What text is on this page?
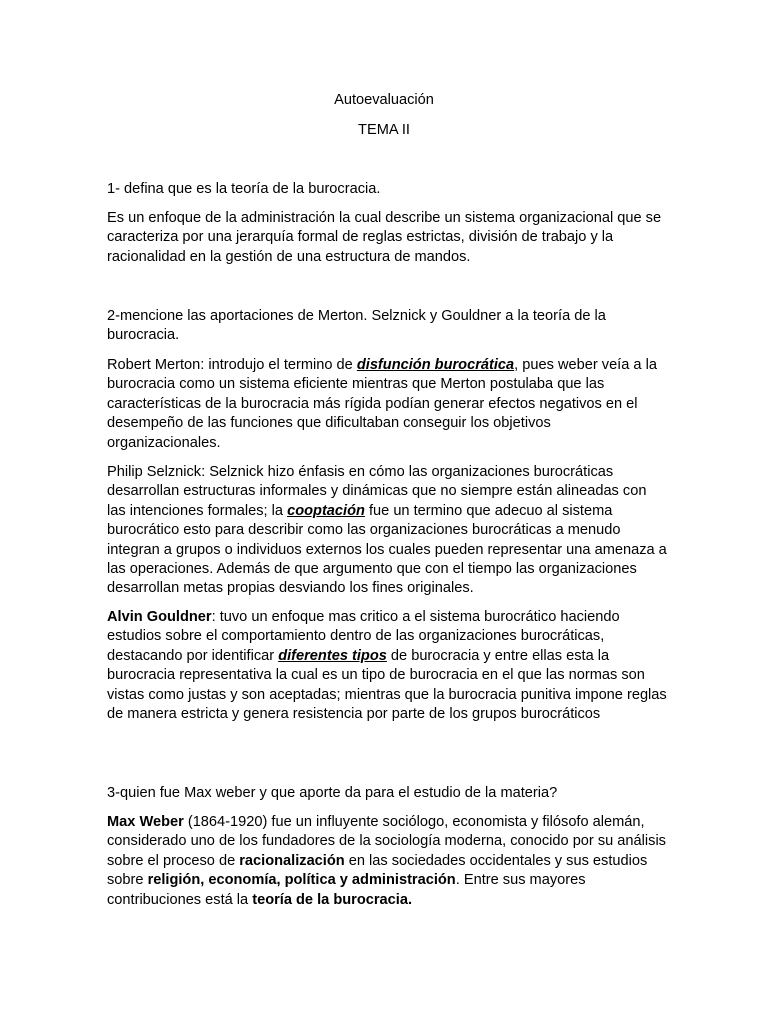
Autoevaluación

TEMA II

1- defina que es la teoría de la burocracia.

Es un enfoque de la administración la cual describe un sistema organizacional que se caracteriza por una jerarquía formal de reglas estrictas, división de trabajo y la racionalidad en la gestión de una estructura de mandos.

2-mencione las aportaciones de Merton. Selznick y Gouldner a la teoría de la burocracia.

Robert Merton: introdujo el termino de disfunción burocrática, pues weber veía a la burocracia como un sistema eficiente mientras que Merton postulaba que las características de la burocracia más rígida podían generar efectos negativos en el desempeño de las funciones que dificultaban conseguir los objetivos organizacionales.

Philip Selznick: Selznick hizo énfasis en cómo las organizaciones burocráticas desarrollan estructuras informales y dinámicas que no siempre están alineadas con las intenciones formales; la cooptación fue un termino que adecuo al sistema burocrático esto para describir como las organizaciones burocráticas a menudo integran a grupos o individuos externos los cuales pueden representar una amenaza a las operaciones. Además de que argumento que con el tiempo las organizaciones desarrollan metas propias desviando los fines originales.

Alvin Gouldner: tuvo un enfoque mas critico a el sistema burocrático haciendo estudios sobre el comportamiento dentro de las organizaciones burocráticas, destacando por identificar diferentes tipos de burocracia y entre ellas esta la burocracia representativa la cual es un tipo de burocracia en el que las normas son vistas como justas y son aceptadas; mientras que la burocracia punitiva impone reglas de manera estricta y genera resistencia por parte de los grupos burocráticos

3-quien fue Max weber y que aporte da para el estudio de la materia?

Max Weber (1864-1920) fue un influyente sociólogo, economista y filósofo alemán, considerado uno de los fundadores de la sociología moderna, conocido por su análisis sobre el proceso de racionalización en las sociedades occidentales y sus estudios sobre religión, economía, política y administración. Entre sus mayores contribuciones está la teoría de la burocracia.
